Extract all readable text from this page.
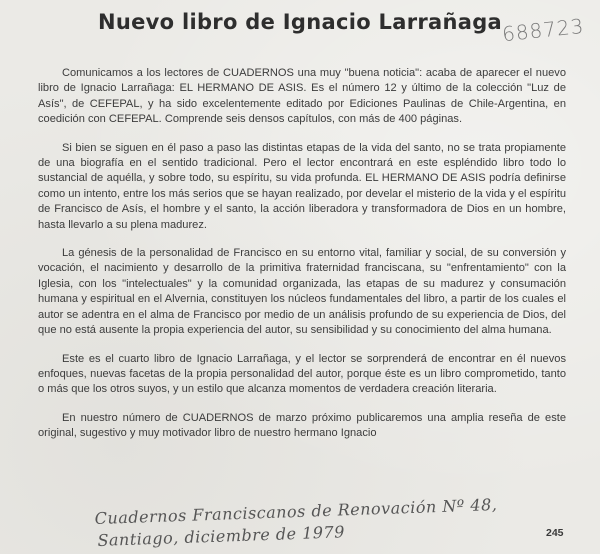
Nuevo libro de Ignacio Larrañaga
688723

Comunicamos a los lectores de CUADERNOS una muy "buena noticia": acaba de aparecer el nuevo libro de Ignacio Larrañaga: EL HERMANO DE ASIS. Es el número 12 y último de la colección "Luz de Asís", de CEFEPAL, y ha sido excelentemente editado por Ediciones Paulinas de Chile-Argentina, en coedición con CEFEPAL. Comprende seis densos capítulos, con más de 400 páginas.

Si bien se siguen en él paso a paso las distintas etapas de la vida del santo, no se trata propiamente de una biografía en el sentido tradicional. Pero el lector encontrará en este espléndido libro todo lo sustancial de aquélla, y sobre todo, su espíritu, su vida profunda. EL HERMANO DE ASIS podría definirse como un intento, entre los más serios que se hayan realizado, por develar el misterio de la vida y el espíritu de Francisco de Asís, el hombre y el santo, la acción liberadora y transformadora de Dios en un hombre, hasta llevarlo a su plena madurez.

La génesis de la personalidad de Francisco en su entorno vital, familiar y social, de su conversión y vocación, el nacimiento y desarrollo de la primitiva fraternidad franciscana, su "enfrentamiento" con la Iglesia, con los "intelectuales" y la comunidad organizada, las etapas de su madurez y consumación humana y espiritual en el Alvernia, constituyen los núcleos fundamentales del libro, a partir de los cuales el autor se adentra en el alma de Francisco por medio de un análisis profundo de su experiencia de Dios, del que no está ausente la propia experiencia del autor, su sensibilidad y su conocimiento del alma humana.

Este es el cuarto libro de Ignacio Larrañaga, y el lector se sorprenderá de encontrar en él nuevos enfoques, nuevas facetas de la propia personalidad del autor, porque éste es un libro comprometido, tanto o más que los otros suyos, y un estilo que alcanza momentos de verdadera creación literaria.

En nuestro número de CUADERNOS de marzo próximo publicaremos una amplia reseña de este original, sugestivo y muy motivador libro de nuestro hermano Ignacio

Cuadernos Franciscanos de Renovación Nº 48,
Santiago, diciembre de 1979	245
